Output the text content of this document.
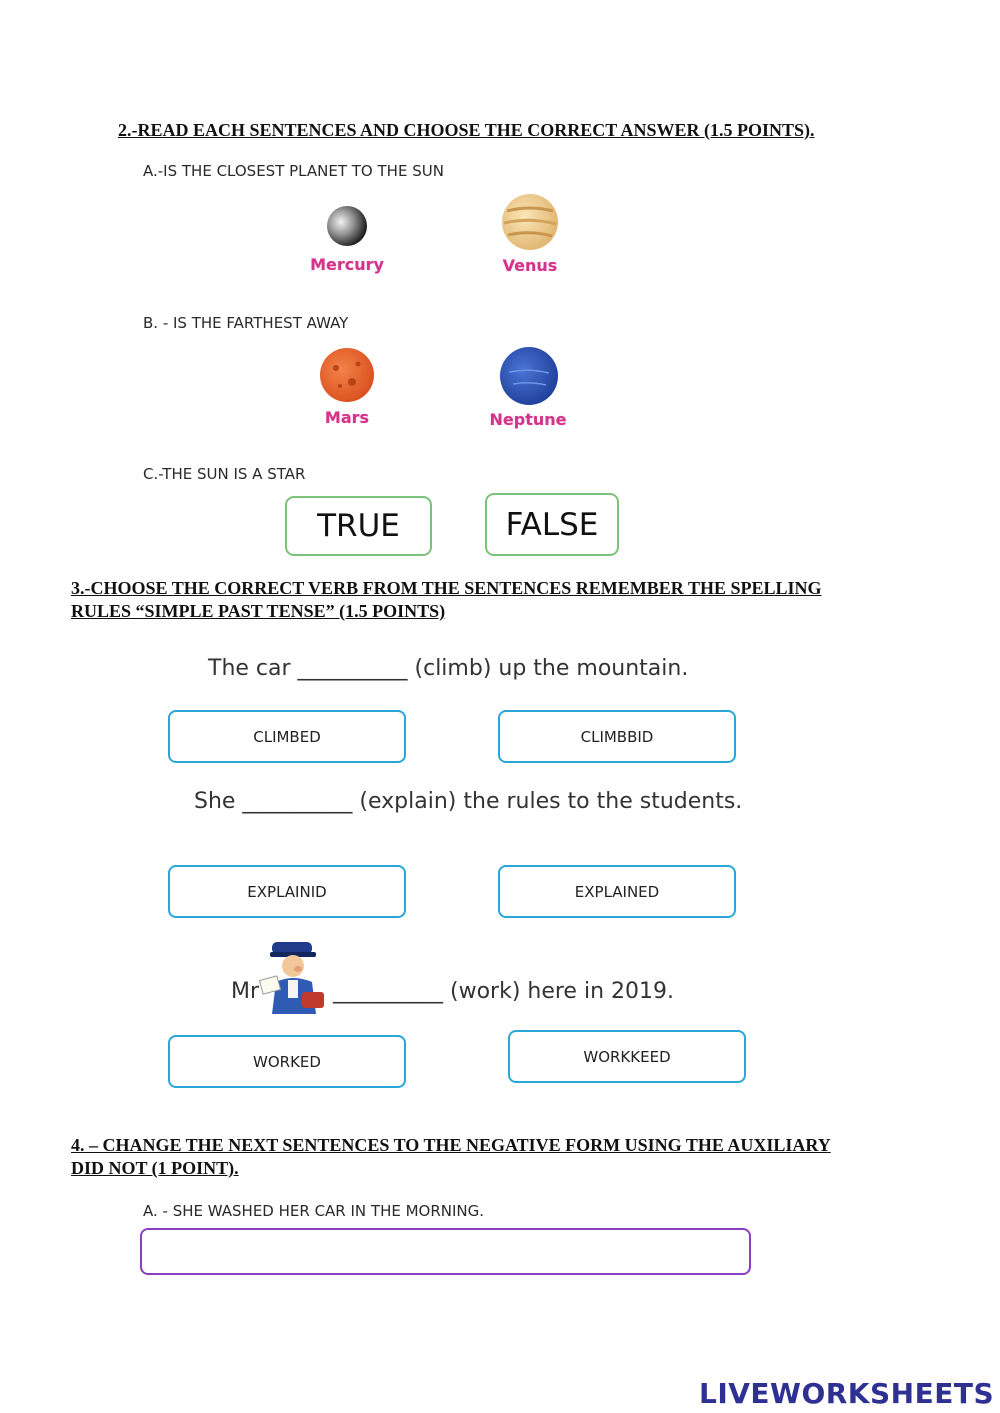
2.-READ EACH SENTENCES AND CHOOSE THE CORRECT ANSWER (1.5 POINTS).
A.-IS THE CLOSEST PLANET TO THE SUN
Mercury	Venus
B. - IS THE FARTHEST AWAY
Mars	Neptune
C.-THE SUN IS A STAR
TRUE	FALSE
3.-CHOOSE THE CORRECT VERB FROM THE SENTENCES REMEMBER THE SPELLING
RULES “SIMPLE PAST TENSE” (1.5 POINTS)
The car __________ (climb) up the mountain.
CLIMBED	CLIMBBID
She __________ (explain) the rules to the students.
EXPLAINID	EXPLAINED
Mr	__________ (work) here in 2019.
WORKED	WORKKEED
4. – CHANGE THE NEXT SENTENCES TO THE NEGATIVE FORM USING THE AUXILIARY
DID NOT (1 POINT).
A. - SHE WASHED HER CAR IN THE MORNING.
LIVEWORKSHEETS
